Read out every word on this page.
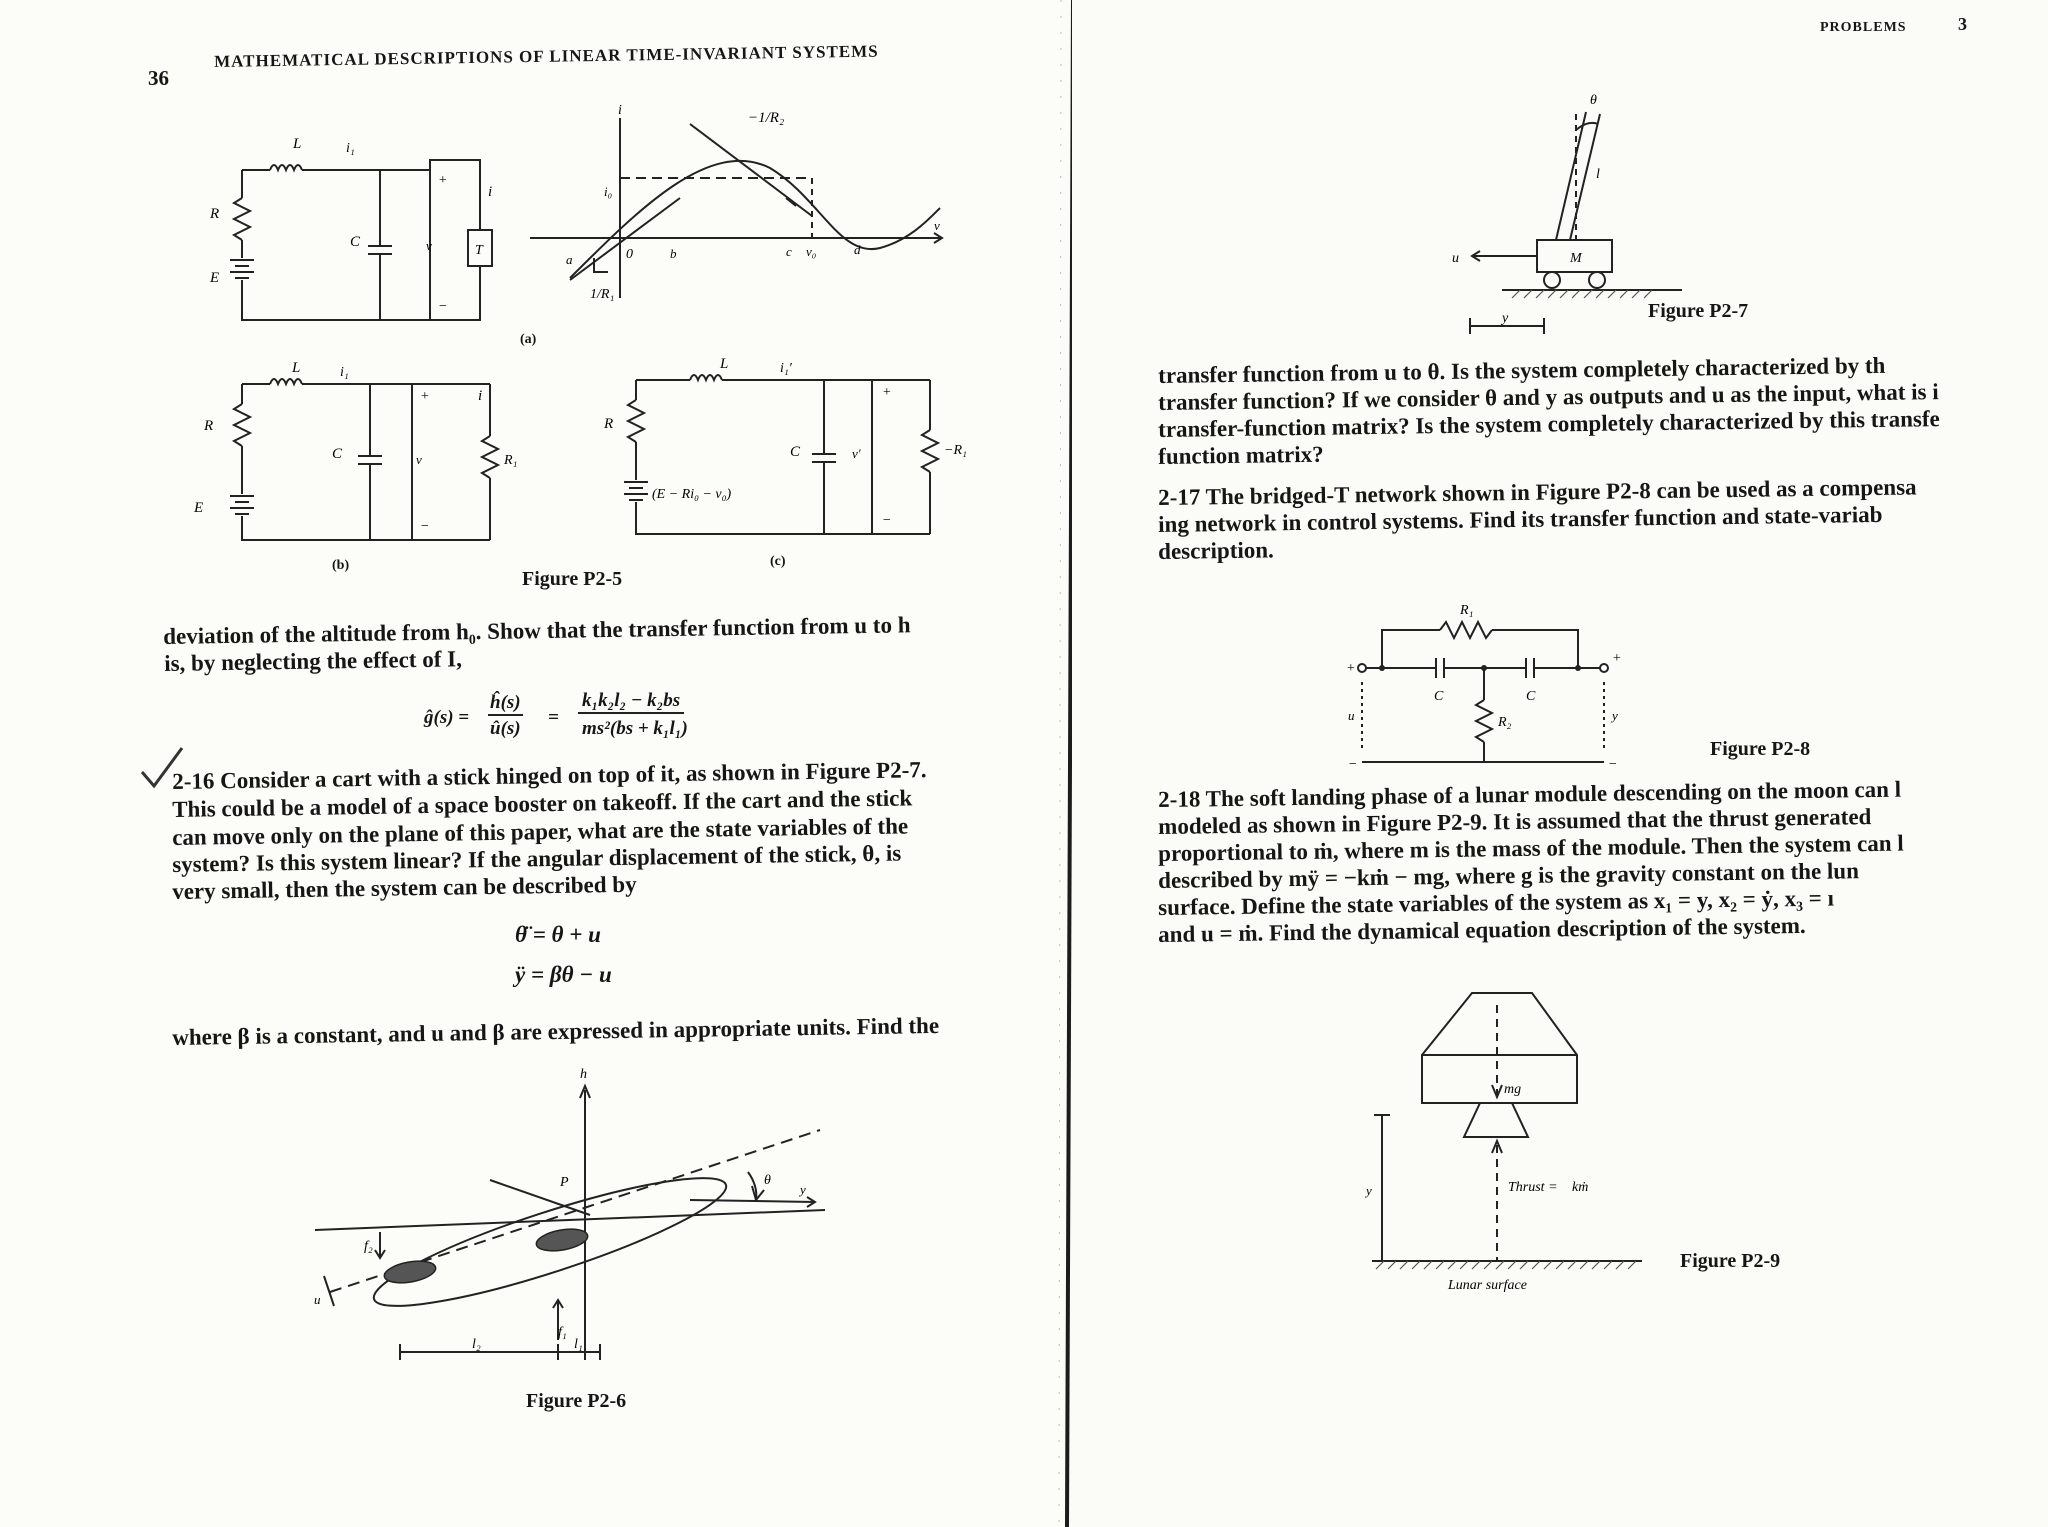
36
MATHEMATICAL DESCRIPTIONS OF LINEAR TIME-INVARIANT SYSTEMS
L	i₁
R
E
C	v
+
−
T
i
i
v
−1/R₂
1/R₁
i₀
a	0	b	c v₀	d
(a)
L	i₁
R
E
C	v
+
−
i
R₁
L	i₁′
R
(E − Ri₀ − v₀)
C	v′
+
−
−R₁
(b)	(c)
Figure P2-5
deviation of the altitude from h₀. Show that the transfer function from u to h
is, by neglecting the effect of I,
ĝ(s) =
ĥ(s)
û(s)
=
k₁k₂l₂ − k₂bs
ms²(bs + k₁l₁)
2-16 Consider a cart with a stick hinged on top of it, as shown in Figure P2-7.
This could be a model of a space booster on takeoff. If the cart and the stick
can move only on the plane of this paper, what are the state variables of the
system? Is this system linear? If the angular displacement of the stick, θ, is
very small, then the system can be described by
θ̈ = θ + u
ÿ = βθ − u
where β is a constant, and u and β are expressed in appropriate units. Find the
h
P	θ
y
f₂
f₁
u
l₂	l₁
Figure P2-6
PROBLEMS	3
θ
l
u	M
y	Figure P2-7
transfer function from u to θ. Is the system completely characterized by th
transfer function? If we consider θ and y as outputs and u as the input, what is i
transfer-function matrix? Is the system completely characterized by this transfe
function matrix?
2-17 The bridged-T network shown in Figure P2-8 can be used as a compensa
ing network in control systems. Find its transfer function and state-variab
description.
R₁
R₂
C	C
u	y
+
+
−	−
Figure P2-8
2-18 The soft landing phase of a lunar module descending on the moon can l
modeled as shown in Figure P2-9. It is assumed that the thrust generated
proportional to ṁ, where m is the mass of the module. Then the system can l
described by mÿ = −kṁ − mg, where g is the gravity constant on the lun
surface. Define the state variables of the system as x₁ = y, x₂ = ẏ, x₃ = ı
and u = ṁ. Find the dynamical equation description of the system.
mg
Thrust = kṁ
y
Lunar surface
Figure P2-9
